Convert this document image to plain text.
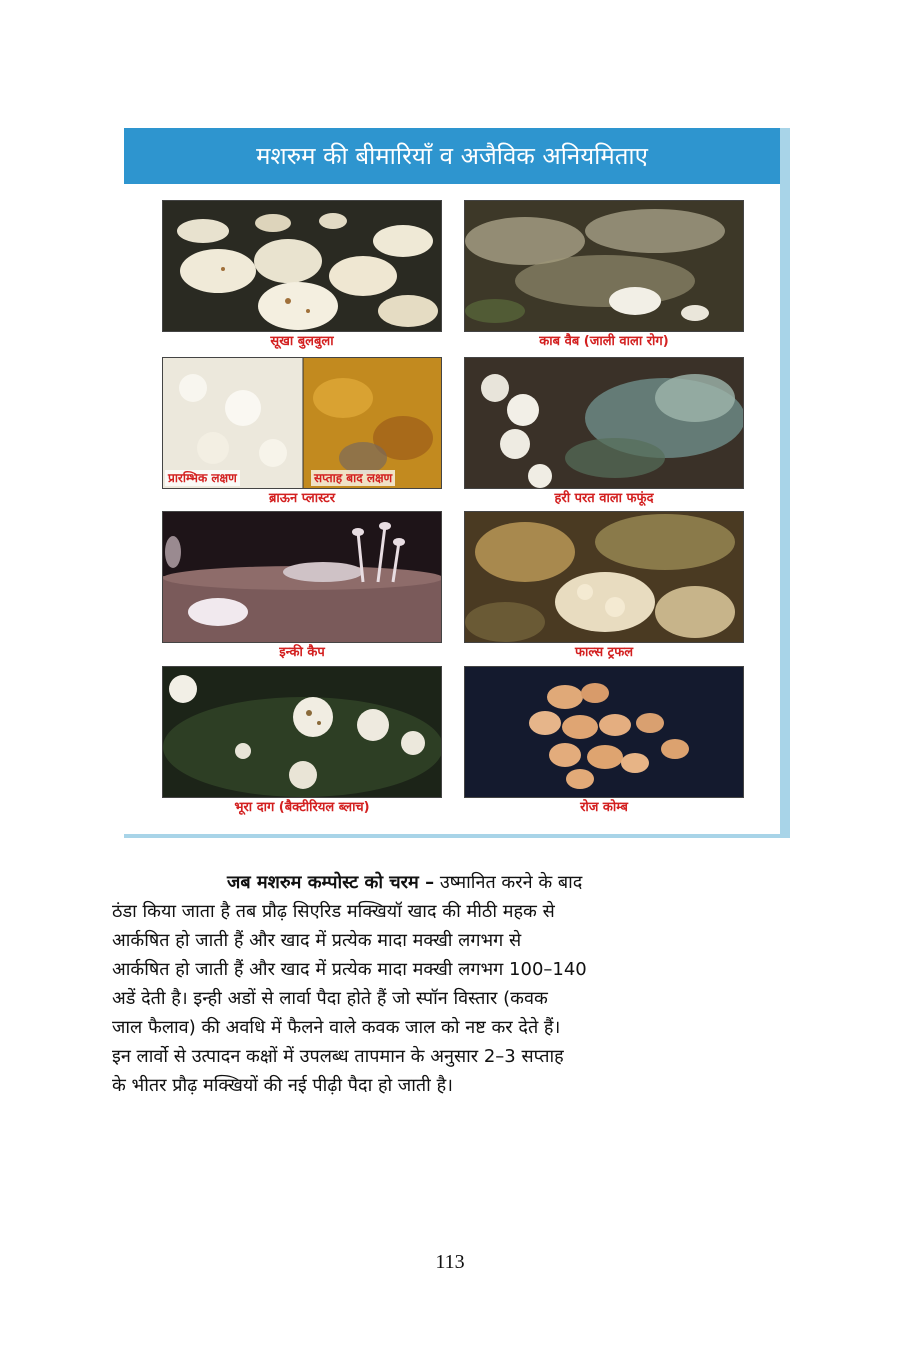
मशरुम की बीमारियाँ व अजैविक अनियमिताए
सूखा बुलबुला	काब वैब (जाली वाला रोग)
प्रारम्भिक लक्षण	सप्ताह बाद लक्षण
ब्राऊन प्लास्टर	हरी परत वाला फफूंद
इन्की कैप	फाल्स ट्रफल
भूरा दाग (बैक्टीरियल ब्लाच)	रोज कोम्ब

जब मशरुम कम्पोस्ट को चरम – उष्मानित करने के बाद

ठंडा किया जाता है तब प्रौढ़ सिएरिड मक्खियॉ खाद की मीठी महक से

आर्कषित हो जाती हैं और खाद में प्रत्येक मादा मक्खी लगभग से

आर्कषित हो जाती हैं और खाद में प्रत्येक मादा मक्खी लगभग 100–140

अडें देती है। इन्ही अडों से लार्वा पैदा होते हैं जो स्पॉन विस्तार (कवक

जाल फैलाव) की अवधि में फैलने वाले कवक जाल को नष्ट कर देते हैं।

इन लार्वो से उत्पादन कक्षों में उपलब्ध तापमान के अनुसार 2–3 सप्ताह

के भीतर प्रौढ़ मक्खियों की नई पीढ़ी पैदा हो जाती है।

113
